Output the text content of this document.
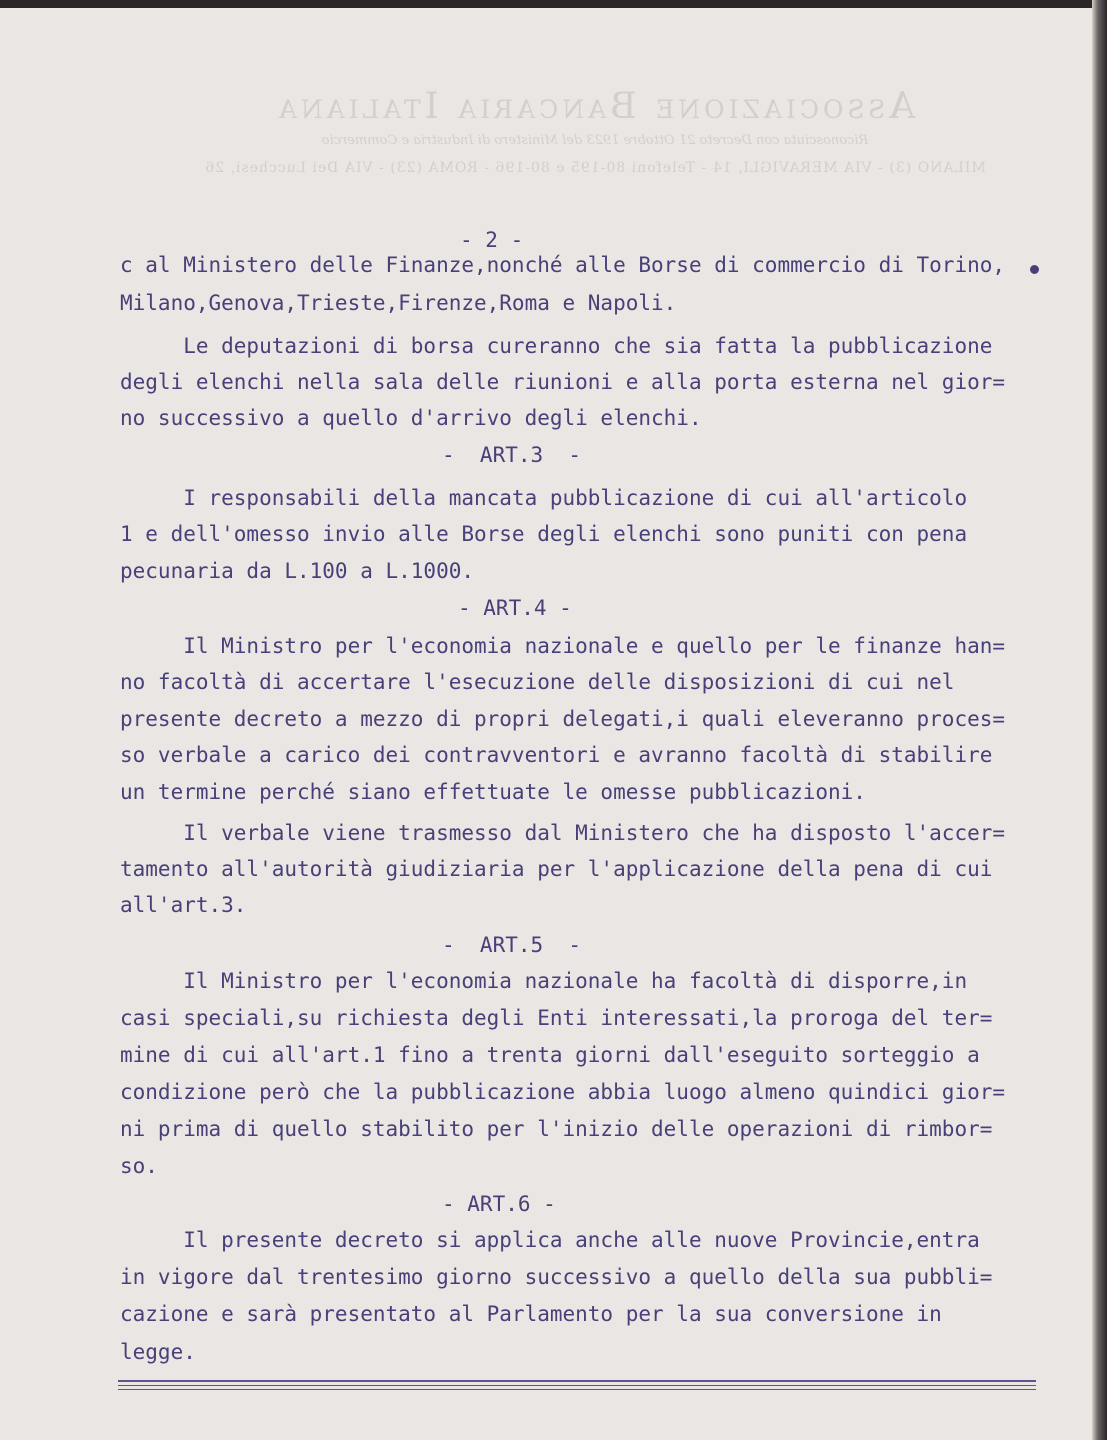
Associazione Bancaria Italiana
Riconosciuta con Decreto 21 Ottobre 1923 del Ministero di Industria e Commercio
MILANO (3) - VIA MERAVIGLI, 14 - Telefoni 80-195 e 80-196 - ROMA (23) - VIA Dei Lucchesi, 26
- 2 -
c al Ministero delle Finanze,nonché alle Borse di commercio di Torino,
Milano,Genova,Trieste,Firenze,Roma e Napoli.
Le deputazioni di borsa cureranno che sia fatta la pubblicazione
degli elenchi nella sala delle riunioni e alla porta esterna nel gior=
no successivo a quello d'arrivo degli elenchi.
-  ART.3  -
I responsabili della mancata pubblicazione di cui all'articolo
1 e dell'omesso invio alle Borse degli elenchi sono puniti con pena
pecunaria da L.100 a L.1000.
- ART.4 -
Il Ministro per l'economia nazionale e quello per le finanze han=
no facoltà di accertare l'esecuzione delle disposizioni di cui nel
presente decreto a mezzo di propri delegati,i quali eleveranno proces=
so verbale a carico dei contravventori e avranno facoltà di stabilire
un termine perché siano effettuate le omesse pubblicazioni.
Il verbale viene trasmesso dal Ministero che ha disposto l'accer=
tamento all'autorità giudiziaria per l'applicazione della pena di cui
all'art.3.
-  ART.5  -
Il Ministro per l'economia nazionale ha facoltà di disporre,in
casi speciali,su richiesta degli Enti interessati,la proroga del ter=
mine di cui all'art.1 fino a trenta giorni dall'eseguito sorteggio a
condizione però che la pubblicazione abbia luogo almeno quindici gior=
ni prima di quello stabilito per l'inizio delle operazioni di rimbor=
so.
- ART.6 -
Il presente decreto si applica anche alle nuove Provincie,entra
in vigore dal trentesimo giorno successivo a quello della sua pubbli=
cazione e sarà presentato al Parlamento per la sua conversione in
legge.
